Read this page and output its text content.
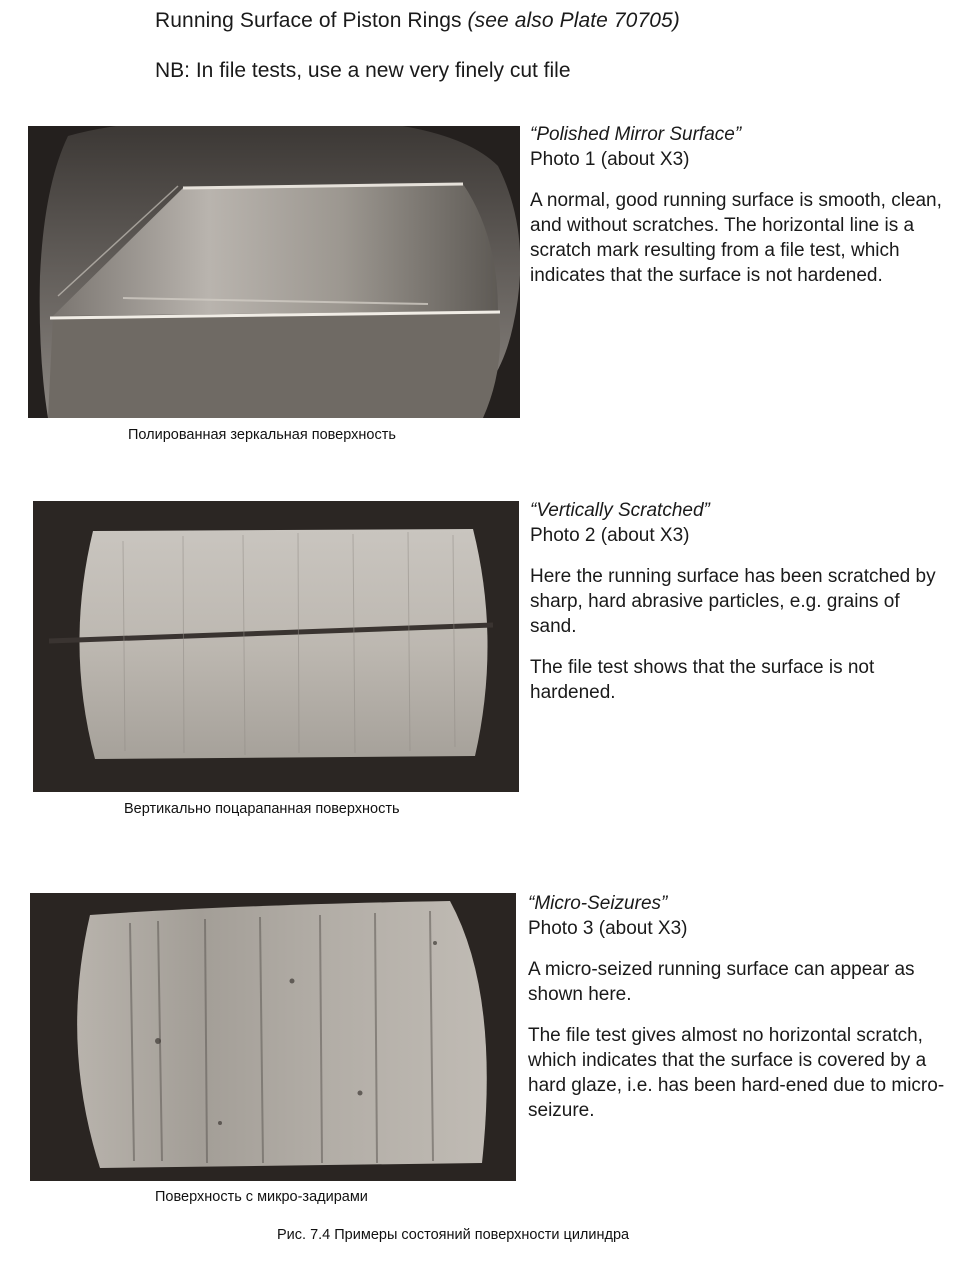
Running Surface of Piston Rings (see also Plate 70705)
NB: In file tests, use a new very finely cut file
Полированная зеркальная поверхность
“Polished Mirror Surface”
Photo 1 (about X3)

A normal, good running surface is smooth, clean, and without scratches. The horizontal line is a scratch mark resulting from a file test, which indicates that the surface is not hardened.

Вертикально поцарапанная поверхность
“Vertically Scratched”
Photo 2 (about X3)

Here the running surface has been scratched by sharp, hard abrasive particles, e.g. grains of sand.

The file test shows that the surface is not hardened.

Поверхность с микро-задирами
“Micro-Seizures”
Photo 3 (about X3)

A micro-seized running surface can appear as shown here.

The file test gives almost no horizontal scratch, which indicates that the surface is covered by a hard glaze, i.e. has been hard-ened due to micro-seizure.

Рис. 7.4 Примеры состояний поверхности цилиндра
